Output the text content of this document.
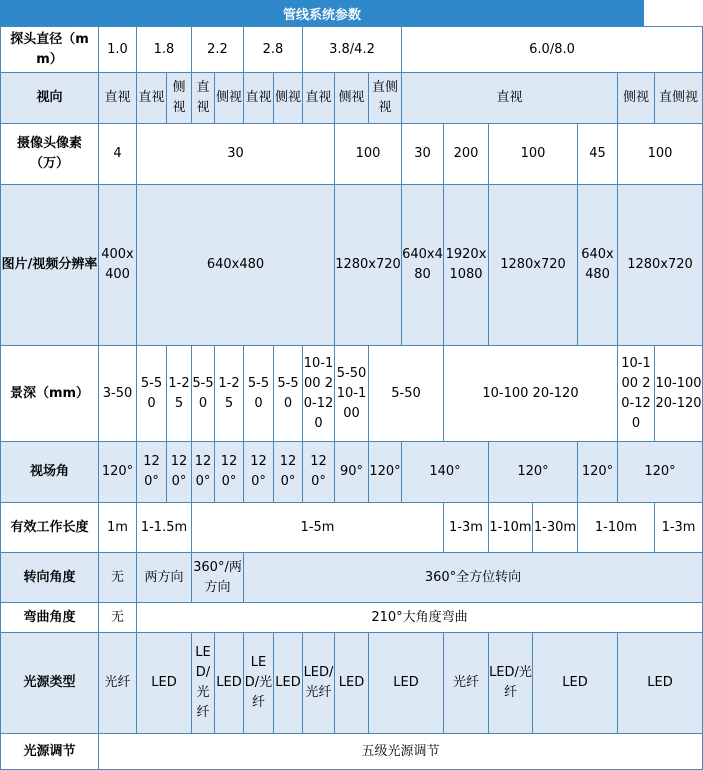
管线系统参数
探头直径（mm）	1.0	1.8		2.2		2.8		3.8/4.2			6.0/8.0							
视向	直视	直视	侧视	直视	侧视	直视	侧视	直视	侧视	直侧视	直视					侧视	直侧视	
摄像头像素（万）	4	30							100		30	200	100		45	100	
图片/视频分辨率	400x400	640x480							1280x720		640x480	1920x1080	1280x720		640x480	1280x720	
景深（mm）	3-50	5-50	1-25	5-50	1-25	5-50	5-50	10-100 20-120	5-50 10-100	5-50		10-100 20-120				10-100 20-120	10-100 20-120	
视场角	120°	120°	120°	120°	120°	120°	120°	120°	90°	120°	140°		120°		120°	120°	
有效工作长度	1m	1-1.5m		1-5m								1-3m	1-10m	1-30m	1-10m		1-3m	
转向角度	无	两方向		360°/两方向		360°全方位转向												
弯曲角度	无	210°大角度弯曲																
光源类型	光纤	LED		LED/光纤	LED	LED/光纤	LED	LED/光纤	LED	LED		光纤	LED/光纤	LED		LED	
光源调节	五级光源调节																	
